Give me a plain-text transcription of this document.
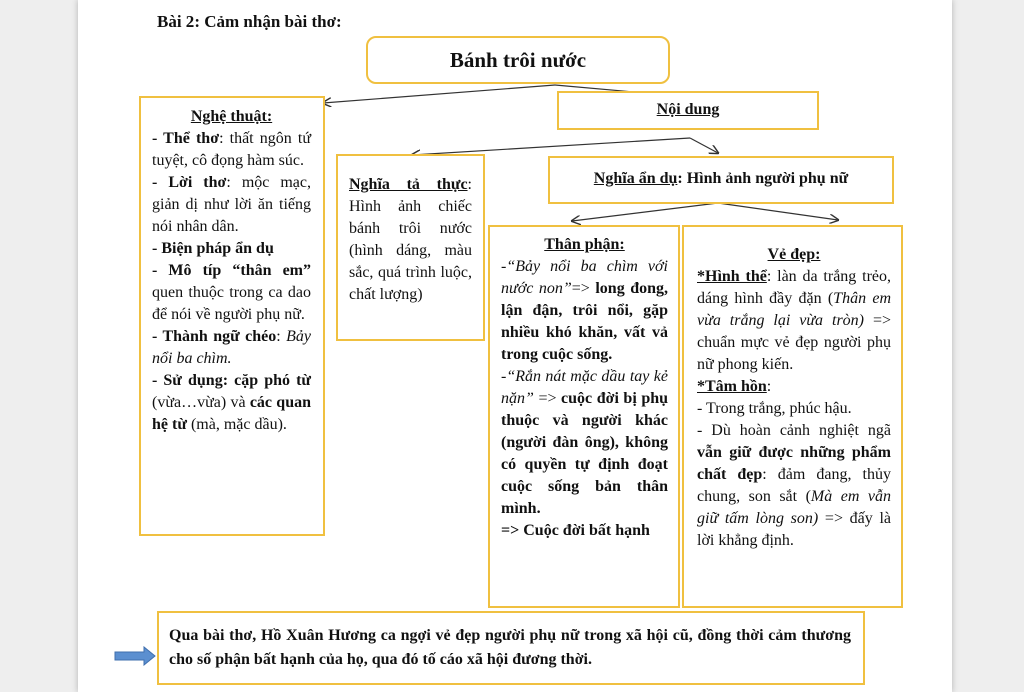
Bài 2: Cảm nhận bài thơ:
Bánh trôi nước

Nghệ thuật:

- Thể thơ: thất ngôn tứ tuyệt, cô đọng hàm súc.

- Lời thơ: mộc mạc, giản dị như lời ăn tiếng nói nhân dân.

- Biện pháp ẩn dụ

- Mô típ “thân em” quen thuộc trong ca dao để nói về người phụ nữ.

- Thành ngữ chéo: Bảy nổi ba chìm.

- Sử dụng: cặp phó từ (vừa…vừa) và các quan hệ từ (mà, mặc dầu).

Nội dung

Nghĩa tả thực: Hình ảnh chiếc bánh trôi nước (hình dáng, màu sắc, quá trình luộc, chất lượng)

Nghĩa ẩn dụ: Hình ảnh người phụ nữ

Thân phận:

-“Bảy nổi ba chìm với nước non”=> long đong, lận đận, trôi nổi, gặp nhiều khó khăn, vất vả trong cuộc sống.

-“Rắn nát mặc dầu tay kẻ nặn” => cuộc đời bị phụ thuộc và người khác (người đàn ông), không có quyền tự định đoạt cuộc sống bản thân mình.

=> Cuộc đời bất hạnh

Vẻ đẹp:

*Hình thể: làn da trắng trẻo, dáng hình đầy đặn (Thân em vừa trắng lại vừa tròn) => chuẩn mực vẻ đẹp người phụ nữ phong kiến.

*Tâm hồn:

- Trong trắng, phúc hậu.

- Dù hoàn cảnh nghiệt ngã vẫn giữ được những phẩm chất đẹp: đảm đang, thủy chung, son sắt (Mà em vẫn giữ tấm lòng son) => đấy là lời khẳng định.

Qua bài thơ, Hồ Xuân Hương ca ngợi vẻ đẹp người phụ nữ trong xã hội cũ, đồng thời cảm thương cho số phận bất hạnh của họ, qua đó tố cáo xã hội đương thời.
